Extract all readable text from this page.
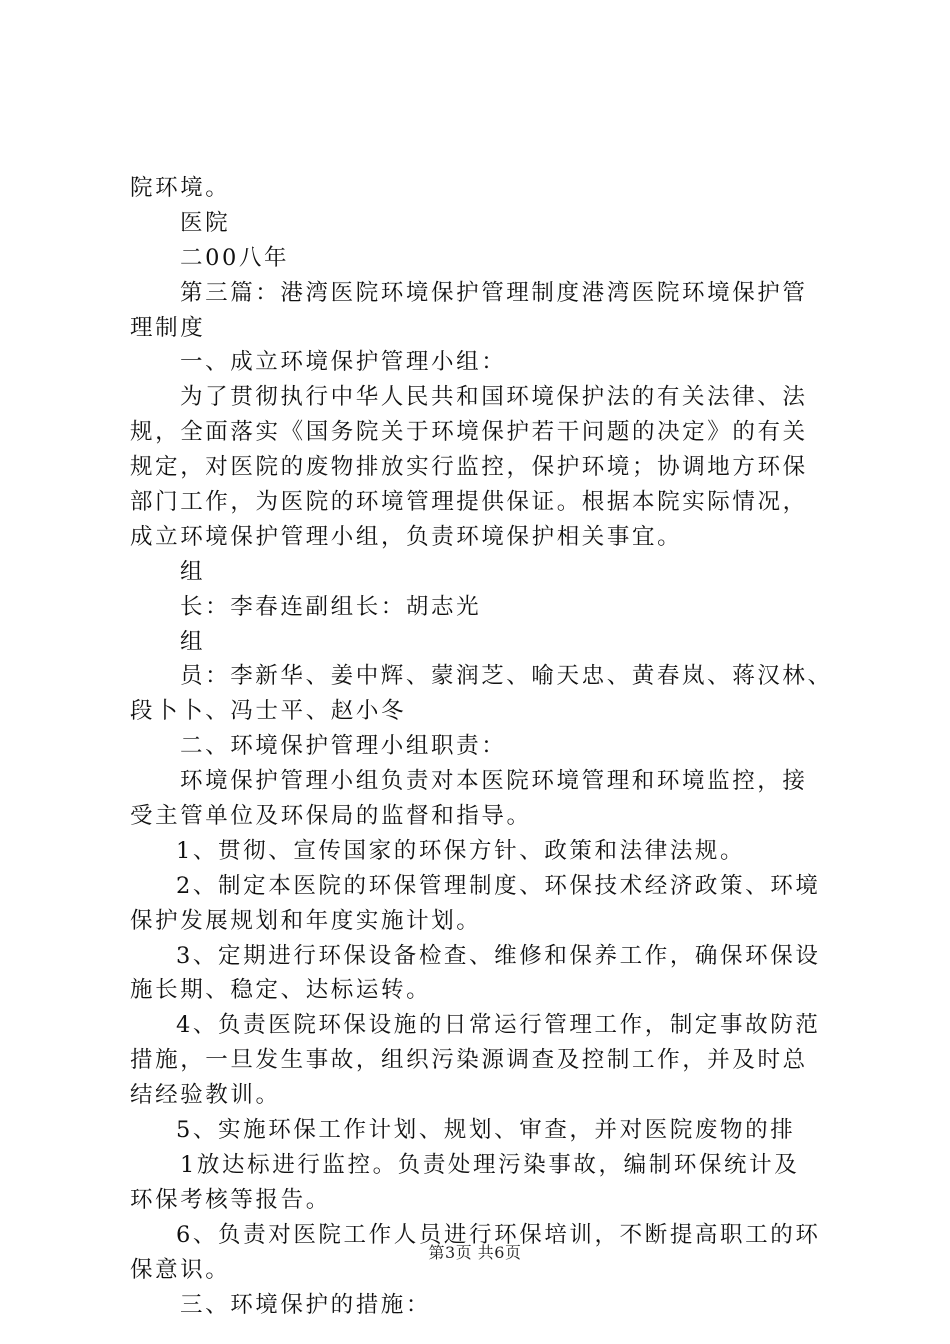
院环境。
医院
二00八年
第三篇：港湾医院环境保护管理制度港湾医院环境保护管
理制度
一、成立环境保护管理小组：
为了贯彻执行中华人民共和国环境保护法的有关法律、法
规，全面落实《国务院关于环境保护若干问题的决定》的有关
规定，对医院的废物排放实行监控，保护环境；协调地方环保
部门工作，为医院的环境管理提供保证。根据本院实际情况，
成立环境保护管理小组，负责环境保护相关事宜。
组
长：李春连副组长：胡志光
组
员：李新华、姜中辉、蒙润芝、喻天忠、黄春岚、蒋汉林、
段卜卜、冯士平、赵小冬
二、环境保护管理小组职责：
环境保护管理小组负责对本医院环境管理和环境监控，接
受主管单位及环保局的监督和指导。
1、贯彻、宣传国家的环保方针、政策和法律法规。
2、制定本医院的环保管理制度、环保技术经济政策、环境
保护发展规划和年度实施计划。
3、定期进行环保设备检查、维修和保养工作，确保环保设
施长期、稳定、达标运转。
4、负责医院环保设施的日常运行管理工作，制定事故防范
措施，一旦发生事故，组织污染源调查及控制工作，并及时总
结经验教训。
5、实施环保工作计划、规划、审查，并对医院废物的排
1放达标进行监控。负责处理污染事故，编制环保统计及
环保考核等报告。
6、负责对医院工作人员进行环保培训，不断提高职工的环
保意识。
三、环境保护的措施：
第3页 共6页
